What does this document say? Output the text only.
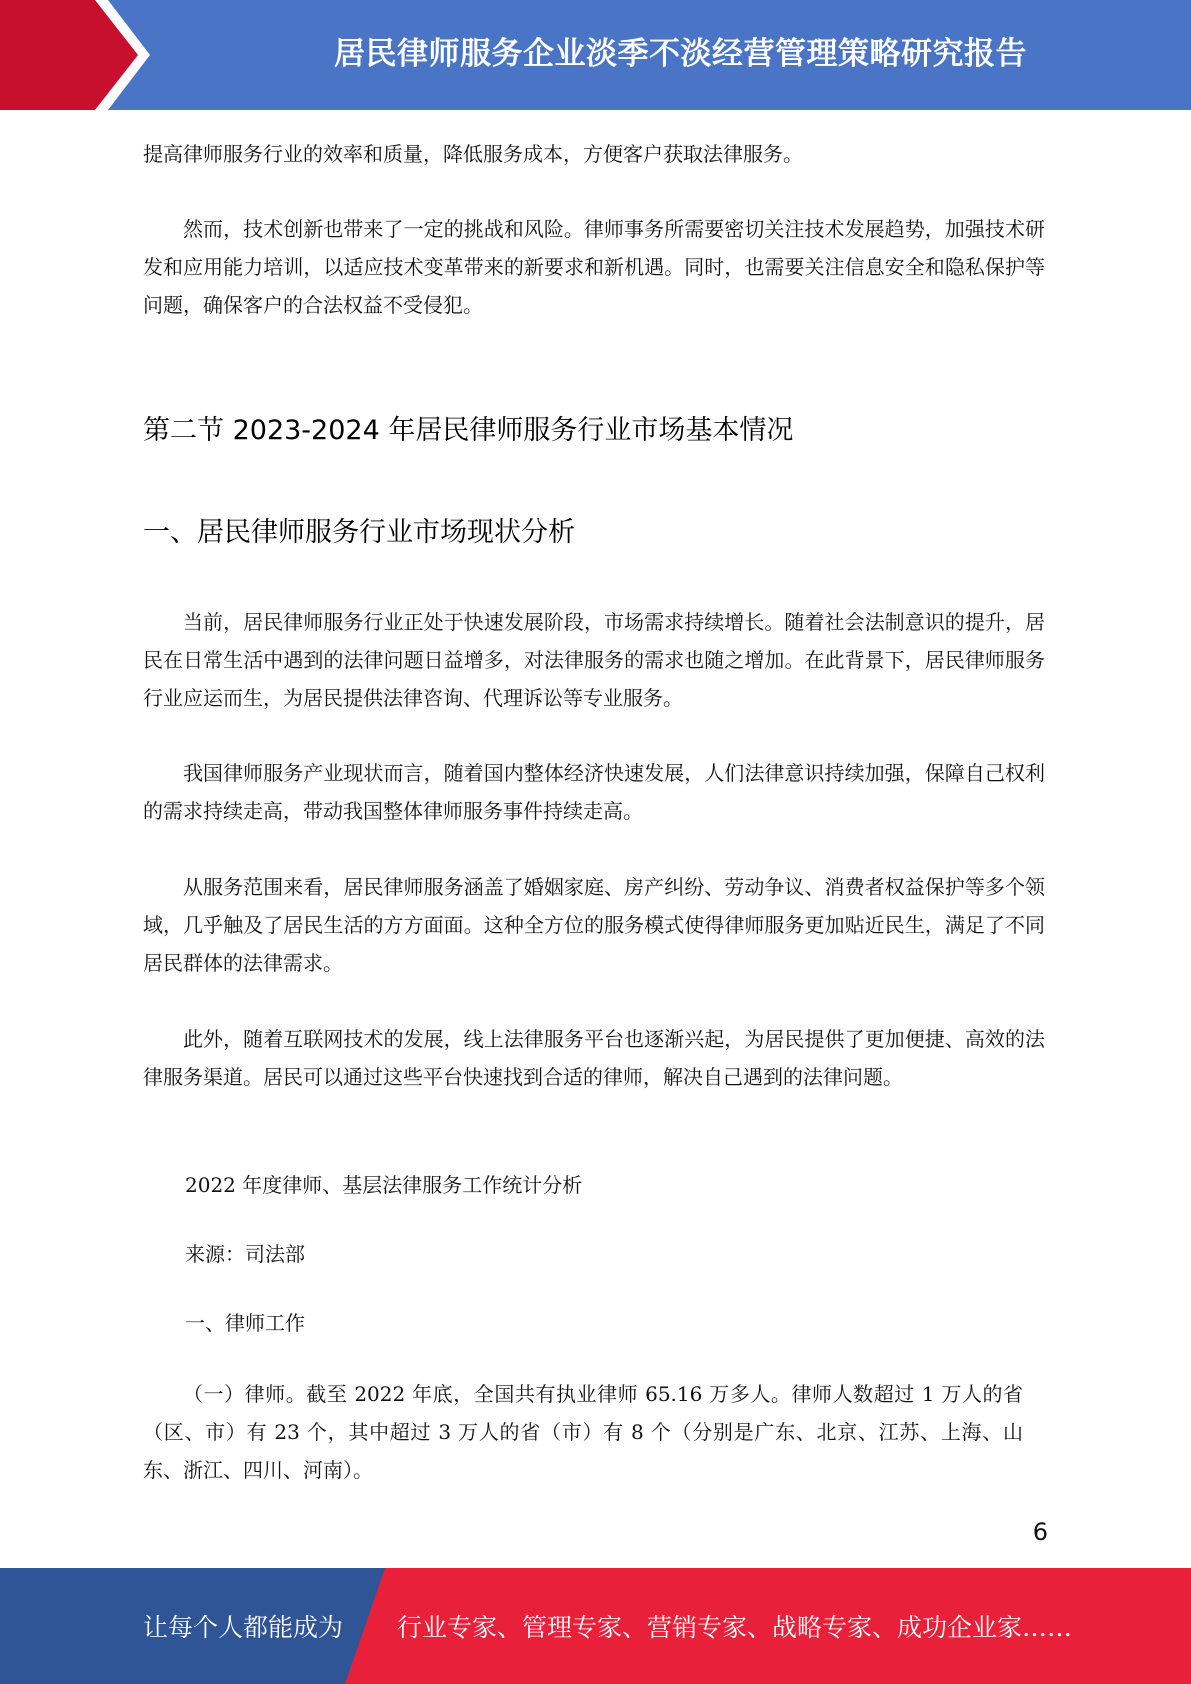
居民律师服务企业淡季不淡经营管理策略研究报告
提高律师服务行业的效率和质量，降低服务成本，方便客户获取法律服务。
然而，技术创新也带来了一定的挑战和风险。律师事务所需要密切关注技术发展趋势，加强技术研发和应用能力培训，以适应技术变革带来的新要求和新机遇。同时，也需要关注信息安全和隐私保护等问题，确保客户的合法权益不受侵犯。
第二节 2023-2024 年居民律师服务行业市场基本情况
一、居民律师服务行业市场现状分析
当前，居民律师服务行业正处于快速发展阶段，市场需求持续增长。随着社会法制意识的提升，居民在日常生活中遇到的法律问题日益增多，对法律服务的需求也随之增加。在此背景下，居民律师服务行业应运而生，为居民提供法律咨询、代理诉讼等专业服务。
我国律师服务产业现状而言，随着国内整体经济快速发展，人们法律意识持续加强，保障自己权利的需求持续走高，带动我国整体律师服务事件持续走高。
从服务范围来看，居民律师服务涵盖了婚姻家庭、房产纠纷、劳动争议、消费者权益保护等多个领域，几乎触及了居民生活的方方面面。这种全方位的服务模式使得律师服务更加贴近民生，满足了不同居民群体的法律需求。
此外，随着互联网技术的发展，线上法律服务平台也逐渐兴起，为居民提供了更加便捷、高效的法律服务渠道。居民可以通过这些平台快速找到合适的律师，解决自己遇到的法律问题。
2022 年度律师、基层法律服务工作统计分析
来源：司法部
一、律师工作
（一）律师。截至 2022 年底，全国共有执业律师 65.16 万多人。律师人数超过 1 万人的省（区、市）有 23 个，其中超过 3 万人的省（市）有 8 个（分别是广东、北京、江苏、上海、山东、浙江、四川、河南）。
6
让每个人都能成为 行业专家、管理专家、营销专家、战略专家、成功企业家……
